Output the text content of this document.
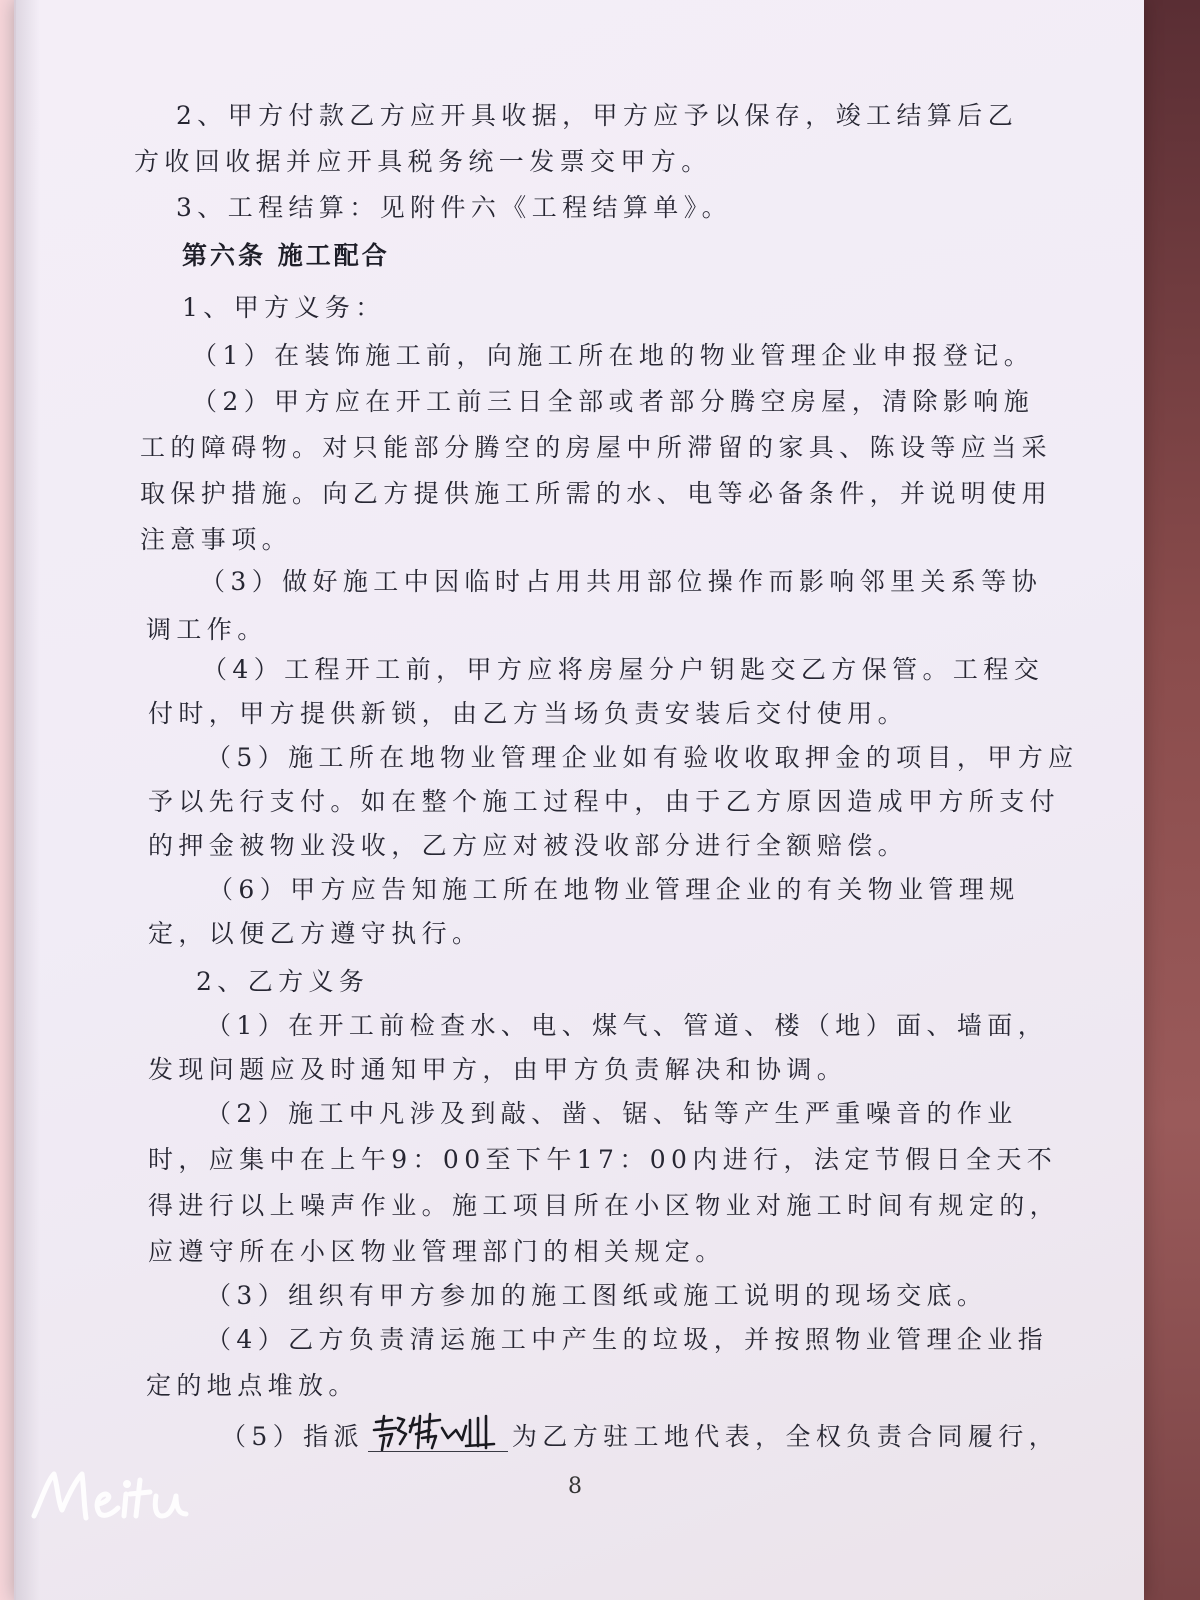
2、甲方付款乙方应开具收据，甲方应予以保存，竣工结算后乙
方收回收据并应开具税务统一发票交甲方。
3、工程结算：见附件六《工程结算单》。
第六条 施工配合
1、甲方义务：
（1）在装饰施工前，向施工所在地的物业管理企业申报登记。
（2）甲方应在开工前三日全部或者部分腾空房屋，清除影响施
工的障碍物。对只能部分腾空的房屋中所滞留的家具、陈设等应当采
取保护措施。向乙方提供施工所需的水、电等必备条件，并说明使用
注意事项。
（3）做好施工中因临时占用共用部位操作而影响邻里关系等协
调工作。
（4）工程开工前，甲方应将房屋分户钥匙交乙方保管。工程交
付时，甲方提供新锁，由乙方当场负责安装后交付使用。
（5）施工所在地物业管理企业如有验收收取押金的项目，甲方应
予以先行支付。如在整个施工过程中，由于乙方原因造成甲方所支付
的押金被物业没收，乙方应对被没收部分进行全额赔偿。
（6）甲方应告知施工所在地物业管理企业的有关物业管理规
定，以便乙方遵守执行。
2、乙方义务
（1）在开工前检查水、电、煤气、管道、楼（地）面、墙面，
发现问题应及时通知甲方，由甲方负责解决和协调。
（2）施工中凡涉及到敲、凿、锯、钻等产生严重噪音的作业
时，应集中在上午9：00至下午17：00内进行，法定节假日全天不
得进行以上噪声作业。施工项目所在小区物业对施工时间有规定的，
应遵守所在小区物业管理部门的相关规定。
（3）组织有甲方参加的施工图纸或施工说明的现场交底。
（4）乙方负责清运施工中产生的垃圾，并按照物业管理企业指
定的地点堆放。
（5）指派	为乙方驻工地代表，全权负责合同履行，
8
